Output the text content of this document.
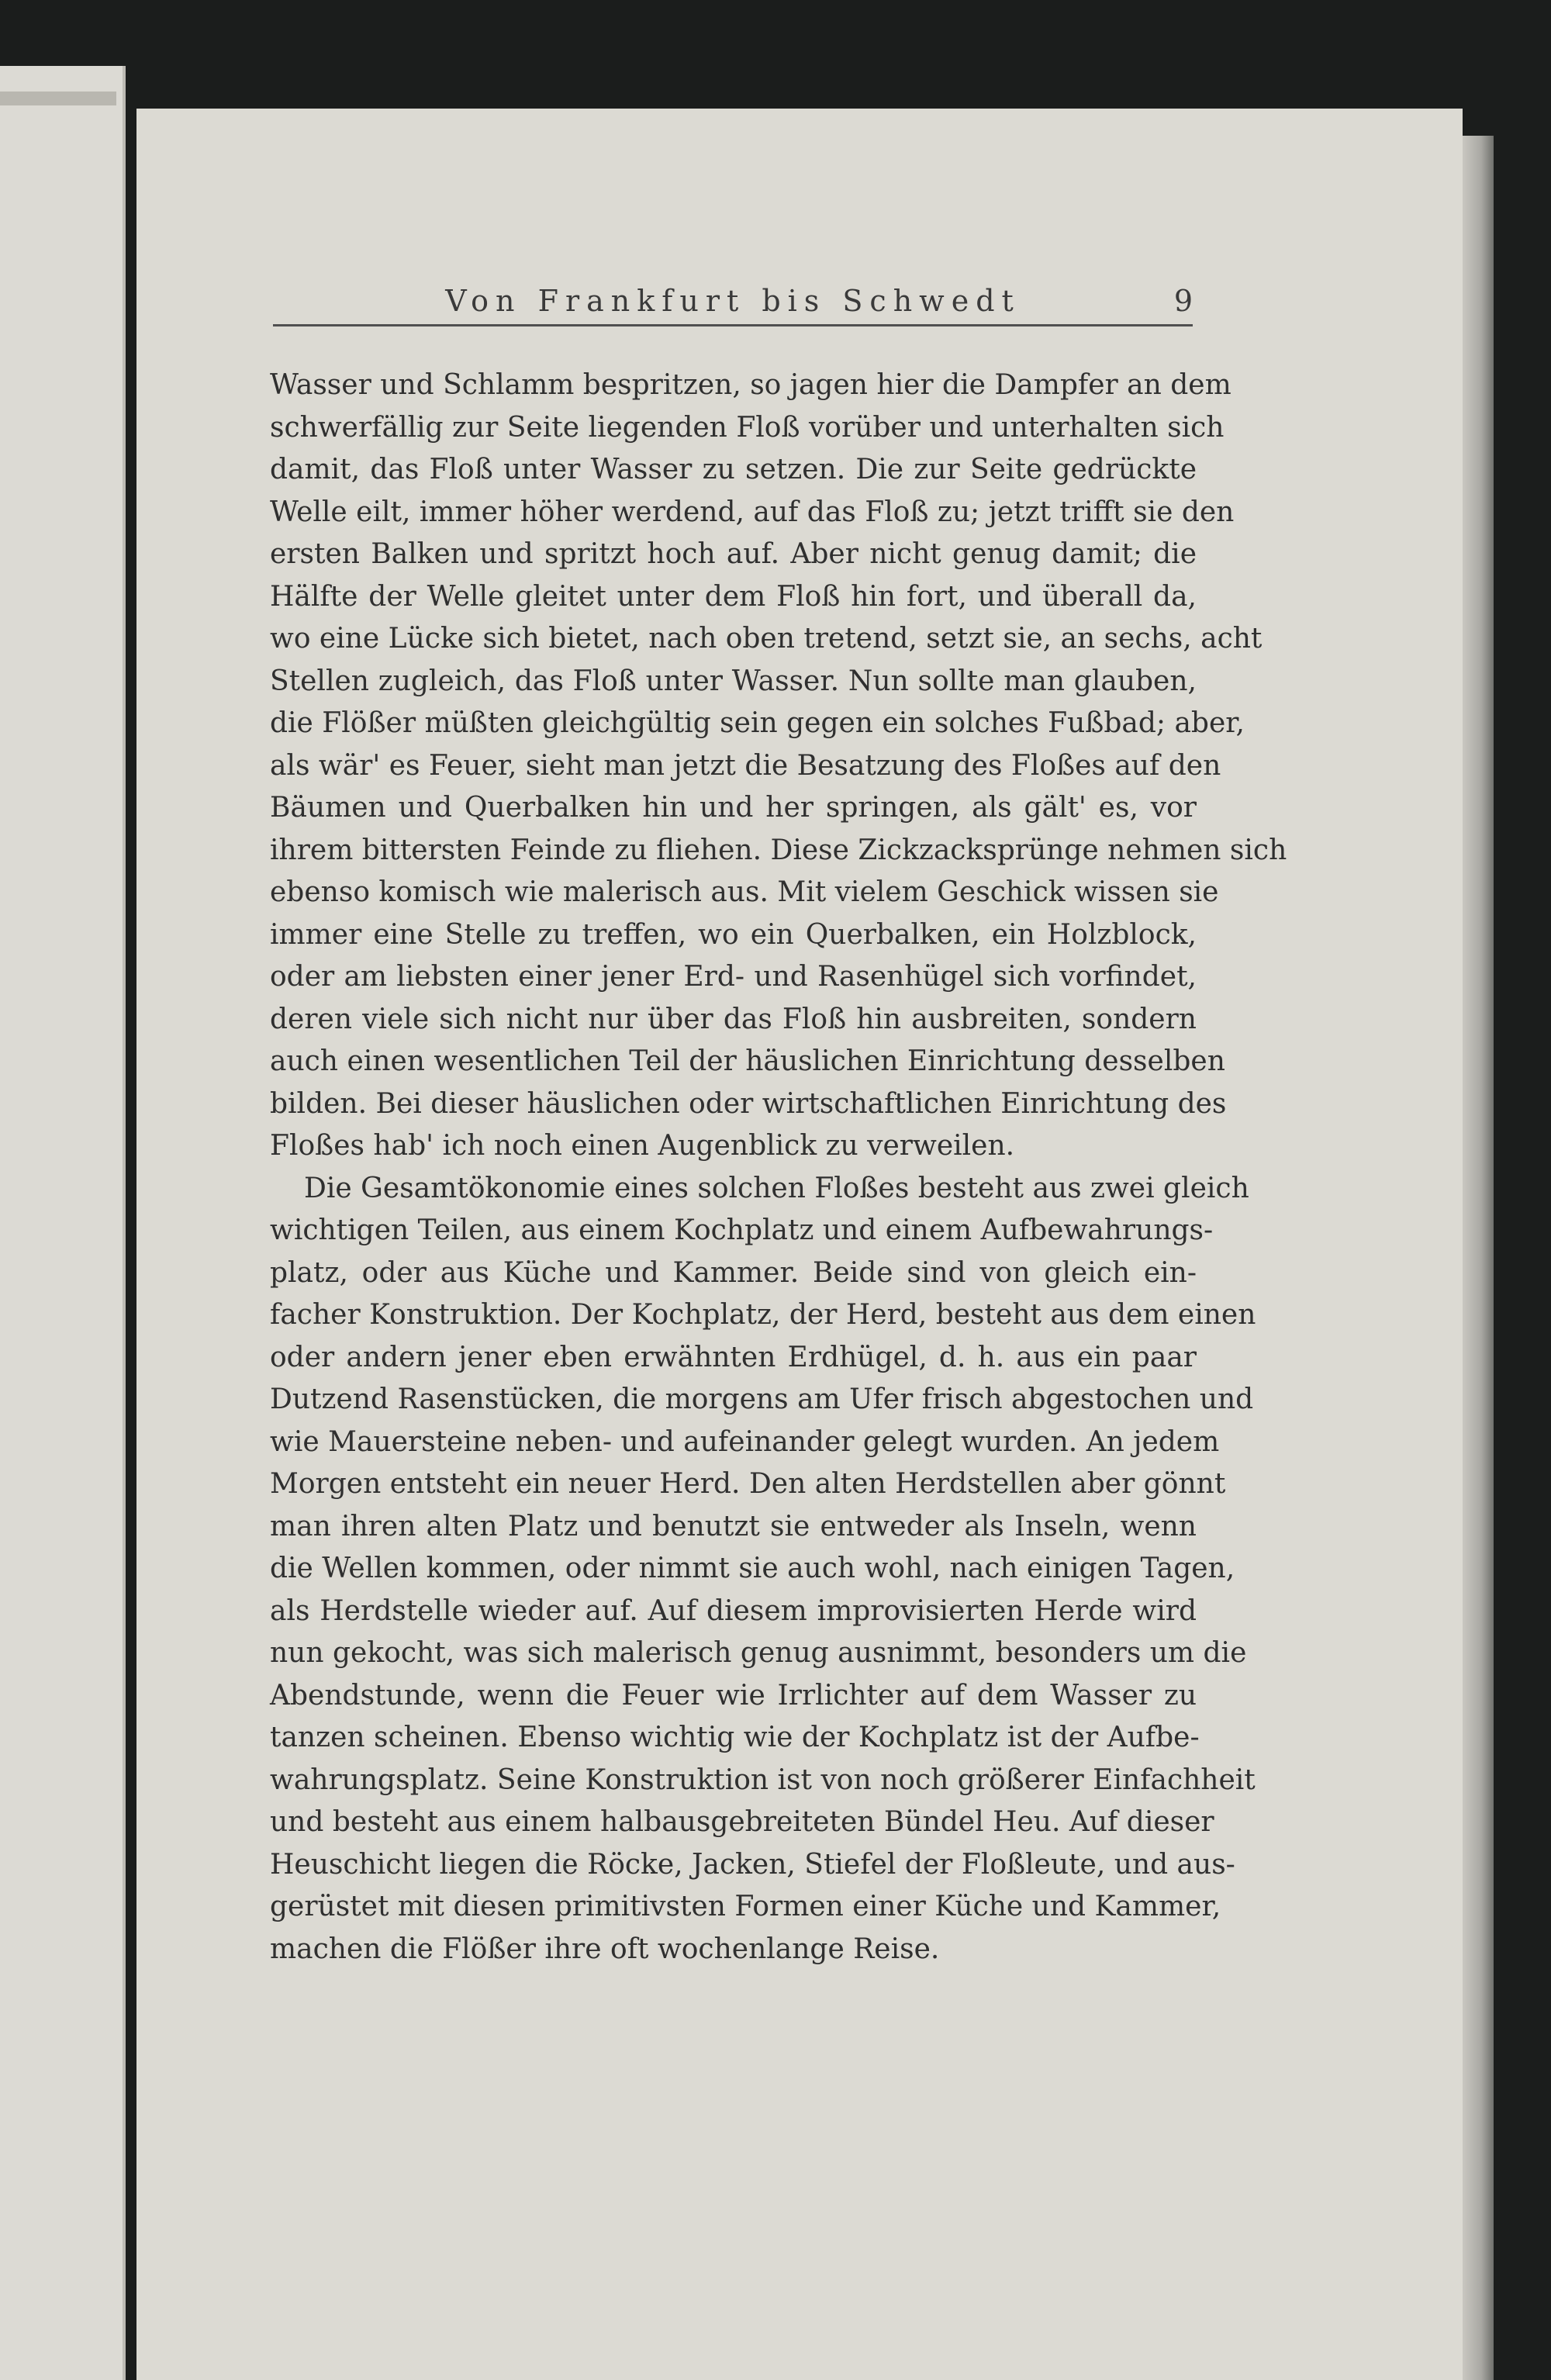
Von Frankfurt bis Schwedt	9
Wasser und Schlamm bespritzen, so jagen hier die Dampfer an dem
schwerfällig zur Seite liegenden Floß vorüber und unterhalten sich
damit, das Floß unter Wasser zu setzen. Die zur Seite gedrückte
Welle eilt, immer höher werdend, auf das Floß zu; jetzt trifft sie den
ersten Balken und spritzt hoch auf. Aber nicht genug damit; die
Hälfte der Welle gleitet unter dem Floß hin fort, und überall da,
wo eine Lücke sich bietet, nach oben tretend, setzt sie, an sechs, acht
Stellen zugleich, das Floß unter Wasser. Nun sollte man glauben,
die Flößer müßten gleichgültig sein gegen ein solches Fußbad; aber,
als wär' es Feuer, sieht man jetzt die Besatzung des Floßes auf den
Bäumen und Querbalken hin und her springen, als gält' es, vor
ihrem bittersten Feinde zu fliehen. Diese Zickzacksprünge nehmen sich
ebenso komisch wie malerisch aus. Mit vielem Geschick wissen sie
immer eine Stelle zu treffen, wo ein Querbalken, ein Holzblock,
oder am liebsten einer jener Erd- und Rasenhügel sich vorfindet,
deren viele sich nicht nur über das Floß hin ausbreiten, sondern
auch einen wesentlichen Teil der häuslichen Einrichtung desselben
bilden. Bei dieser häuslichen oder wirtschaftlichen Einrichtung des
Floßes hab' ich noch einen Augenblick zu verweilen.
Die Gesamtökonomie eines solchen Floßes besteht aus zwei gleich
wichtigen Teilen, aus einem Kochplatz und einem Aufbewahrungs-
platz, oder aus Küche und Kammer. Beide sind von gleich ein-
facher Konstruktion. Der Kochplatz, der Herd, besteht aus dem einen
oder andern jener eben erwähnten Erdhügel, d. h. aus ein paar
Dutzend Rasenstücken, die morgens am Ufer frisch abgestochen und
wie Mauersteine neben- und aufeinander gelegt wurden. An jedem
Morgen entsteht ein neuer Herd. Den alten Herdstellen aber gönnt
man ihren alten Platz und benutzt sie entweder als Inseln, wenn
die Wellen kommen, oder nimmt sie auch wohl, nach einigen Tagen,
als Herdstelle wieder auf. Auf diesem improvisierten Herde wird
nun gekocht, was sich malerisch genug ausnimmt, besonders um die
Abendstunde, wenn die Feuer wie Irrlichter auf dem Wasser zu
tanzen scheinen. Ebenso wichtig wie der Kochplatz ist der Aufbe-
wahrungsplatz. Seine Konstruktion ist von noch größerer Einfachheit
und besteht aus einem halbausgebreiteten Bündel Heu. Auf dieser
Heuschicht liegen die Röcke, Jacken, Stiefel der Floßleute, und aus-
gerüstet mit diesen primitivsten Formen einer Küche und Kammer,
machen die Flößer ihre oft wochenlange Reise.
